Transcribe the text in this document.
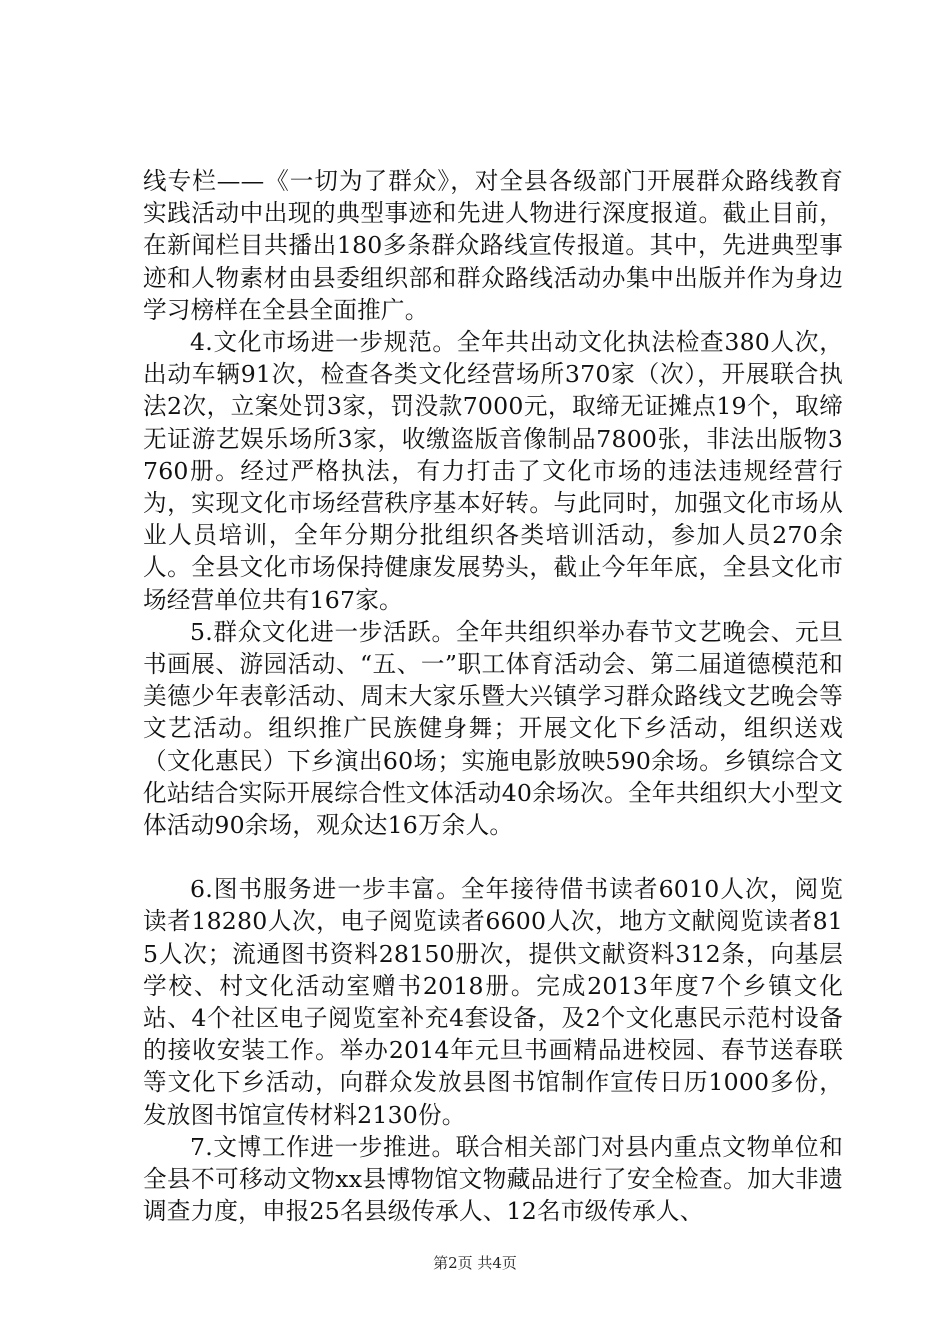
线专栏——《一切为了群众》，对全县各级部门开展群众路线教育实践活动中出现的典型事迹和先进人物进行深度报道。截止目前，在新闻栏目共播出180多条群众路线宣传报道。其中，先进典型事迹和人物素材由县委组织部和群众路线活动办集中出版并作为身边学习榜样在全县全面推广。

4.文化市场进一步规范。全年共出动文化执法检查380人次，出动车辆91次，检查各类文化经营场所370家（次），开展联合执法2次，立案处罚3家，罚没款7000元，取缔无证摊点19个，取缔无证游艺娱乐场所3家，收缴盗版音像制品7800张，非法出版物3760册。经过严格执法，有力打击了文化市场的违法违规经营行为，实现文化市场经营秩序基本好转。与此同时，加强文化市场从业人员培训，全年分期分批组织各类培训活动，参加人员270余人。全县文化市场保持健康发展势头，截止今年年底，全县文化市场经营单位共有167家。

5.群众文化进一步活跃。全年共组织举办春节文艺晚会、元旦书画展、游园活动、“五、一”职工体育活动会、第二届道德模范和美德少年表彰活动、周末大家乐暨大兴镇学习群众路线文艺晚会等文艺活动。组织推广民族健身舞；开展文化下乡活动，组织送戏（文化惠民）下乡演出60场；实施电影放映590余场。乡镇综合文化站结合实际开展综合性文体活动40余场次。全年共组织大小型文体活动90余场，观众达16万余人。

6.图书服务进一步丰富。全年接待借书读者6010人次，阅览读者18280人次，电子阅览读者6600人次，地方文献阅览读者815人次；流通图书资料28150册次，提供文献资料312条，向基层学校、村文化活动室赠书2018册。完成2013年度7个乡镇文化站、4个社区电子阅览室补充4套设备，及2个文化惠民示范村设备的接收安装工作。举办2014年元旦书画精品进校园、春节送春联等文化下乡活动，向群众发放县图书馆制作宣传日历1000多份，发放图书馆宣传材料2130份。

7.文博工作进一步推进。联合相关部门对县内重点文物单位和全县不可移动文物xx县博物馆文物藏品进行了安全检查。加大非遗调查力度，申报25名县级传承人、12名市级传承人、

第2页 共4页
